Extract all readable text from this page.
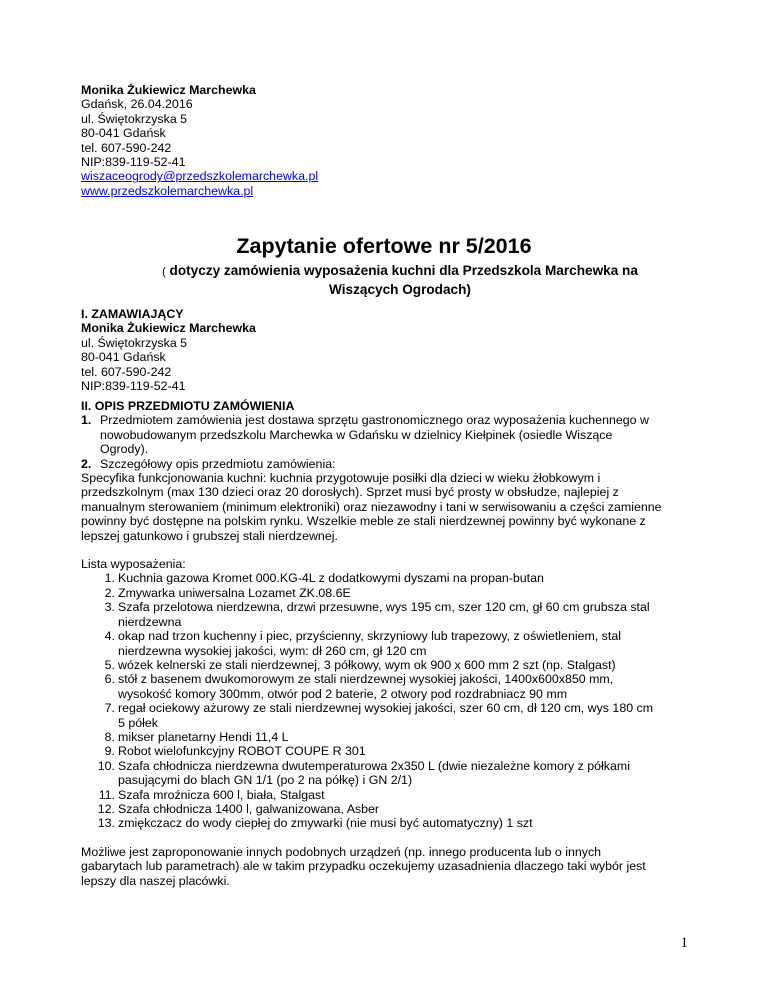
Monika Żukiewicz Marchewka
Gdańsk, 26.04.2016
ul. Świętokrzyska 5
80-041 Gdańsk
tel. 607-590-242
NIP:839-119-52-41
wiszaceogrody@przedszkolemarchewka.pl
www.przedszkolemarchewka.pl
Zapytanie ofertowe nr 5/2016
( dotyczy zamówienia wyposażenia kuchni dla Przedszkola Marchewka na
Wiszących Ogrodach)
I. ZAMAWIAJĄCY
Monika Żukiewicz Marchewka
ul. Świętokrzyska 5
80-041 Gdańsk
tel. 607-590-242
NIP:839-119-52-41
II. OPIS PRZEDMIOTU ZAMÓWIENIA
1. Przedmiotem zamówienia jest dostawa sprzętu gastronomicznego oraz wyposażenia kuchennego w
nowobudowanym przedszkolu Marchewka w Gdańsku w dzielnicy Kiełpinek (osiedle Wiszące
Ogrody).
2. Szczegółowy opis przedmiotu zamówienia:
Specyfika funkcjonowania kuchni: kuchnia przygotowuje posiłki dla dzieci w wieku żłobkowym i
przedszkolnym (max 130 dzieci oraz 20 dorosłych). Sprzet musi być prosty w obsłudze, najlepiej z
manualnym sterowaniem (minimum elektroniki) oraz niezawodny i tani w serwisowaniu a części zamienne
powinny być dostępne na polskim rynku. Wszelkie meble ze stali nierdzewnej powinny być wykonane z
lepszej gatunkowo i grubszej stali nierdzewnej.
Lista wyposażenia:
1. Kuchnia gazowa Kromet 000.KG-4L z dodatkowymi dyszami na propan-butan
2. Zmywarka uniwersalna Lozamet ZK.08.6E
3. Szafa przelotowa nierdzewna, drzwi przesuwne, wys 195 cm, szer 120 cm, gł 60 cm grubsza stal
nierdzewna
4. okap nad trzon kuchenny i piec, przyścienny, skrzyniowy lub trapezowy, z oświetleniem, stal
nierdzewna wysokiej jakości, wym: dł 260 cm, gł 120 cm
5. wózek kelnerski ze stali nierdzewnej, 3 półkowy, wym ok 900 x 600 mm 2 szt (np. Stalgast)
6. stół z basenem dwukomorowym ze stali nierdzewnej wysokiej jakości, 1400x600x850 mm,
wysokość komory 300mm, otwór pod 2 baterie, 2 otwory pod rozdrabniacz 90 mm
7. regał ociekowy ażurowy ze stali nierdzewnej wysokiej jakości, szer 60 cm, dł 120 cm, wys 180 cm
5 półek
8. mikser planetarny Hendi 11,4 L
9. Robot wielofunkcyjny ROBOT COUPE R 301
10. Szafa chłodnicza nierdzewna dwutemperaturowa 2x350 L (dwie niezależne komory z półkami
pasującymi do blach GN 1/1 (po 2 na półkę) i GN 2/1)
11. Szafa mroźnicza 600 l, biała, Stalgast
12. Szafa chłodnicza 1400 l, galwanizowana, Asber
13. zmiękczacz do wody ciepłej do zmywarki (nie musi być automatyczny) 1 szt
Możliwe jest zaproponowanie innych podobnych urządzeń (np. innego producenta lub o innych
gabarytach lub parametrach) ale w takim przypadku oczekujemy uzasadnienia dlaczego taki wybór jest
lepszy dla naszej placówki.
1
